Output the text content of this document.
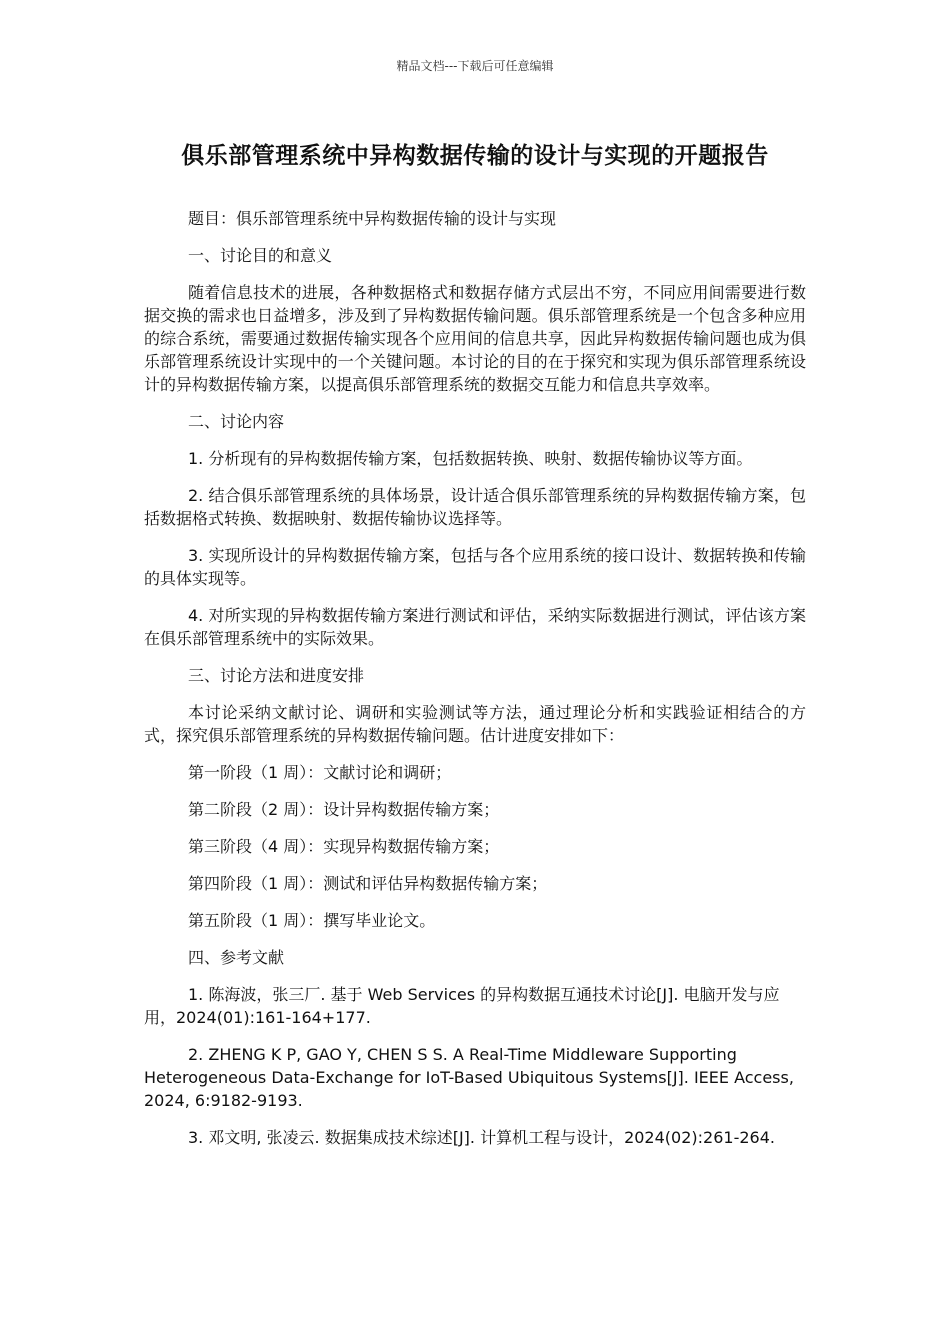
精品文档---下载后可任意编辑
俱乐部管理系统中异构数据传输的设计与实现的开题报告

题目：俱乐部管理系统中异构数据传输的设计与实现

一、讨论目的和意义

随着信息技术的进展，各种数据格式和数据存储方式层出不穷，不同应用间需要进行数据交换的需求也日益增多，涉及到了异构数据传输问题。俱乐部管理系统是一个包含多种应用的综合系统，需要通过数据传输实现各个应用间的信息共享，因此异构数据传输问题也成为俱乐部管理系统设计实现中的一个关键问题。本讨论的目的在于探究和实现为俱乐部管理系统设计的异构数据传输方案，以提高俱乐部管理系统的数据交互能力和信息共享效率。

二、讨论内容

1. 分析现有的异构数据传输方案，包括数据转换、映射、数据传输协议等方面。

2. 结合俱乐部管理系统的具体场景，设计适合俱乐部管理系统的异构数据传输方案，包括数据格式转换、数据映射、数据传输协议选择等。

3. 实现所设计的异构数据传输方案，包括与各个应用系统的接口设计、数据转换和传输的具体实现等。

4. 对所实现的异构数据传输方案进行测试和评估，采纳实际数据进行测试，评估该方案在俱乐部管理系统中的实际效果。

三、讨论方法和进度安排

本讨论采纳文献讨论、调研和实验测试等方法，通过理论分析和实践验证相结合的方式，探究俱乐部管理系统的异构数据传输问题。估计进度安排如下：

第一阶段（1 周）：文献讨论和调研；

第二阶段（2 周）：设计异构数据传输方案；

第三阶段（4 周）：实现异构数据传输方案；

第四阶段（1 周）：测试和评估异构数据传输方案；

第五阶段（1 周）：撰写毕业论文。

四、参考文献

1. 陈海波，张三厂. 基于 Web Services 的异构数据互通技术讨论[J]. 电脑开发与应用，2024(01):161-164+177.

2. ZHENG K P, GAO Y, CHEN S S. A Real-Time Middleware Supporting Heterogeneous Data-Exchange for IoT-Based Ubiquitous Systems[J]. IEEE Access, 2024, 6:9182-9193.

3. 邓文明, 张凌云. 数据集成技术综述[J]. 计算机工程与设计，2024(02):261-264.
